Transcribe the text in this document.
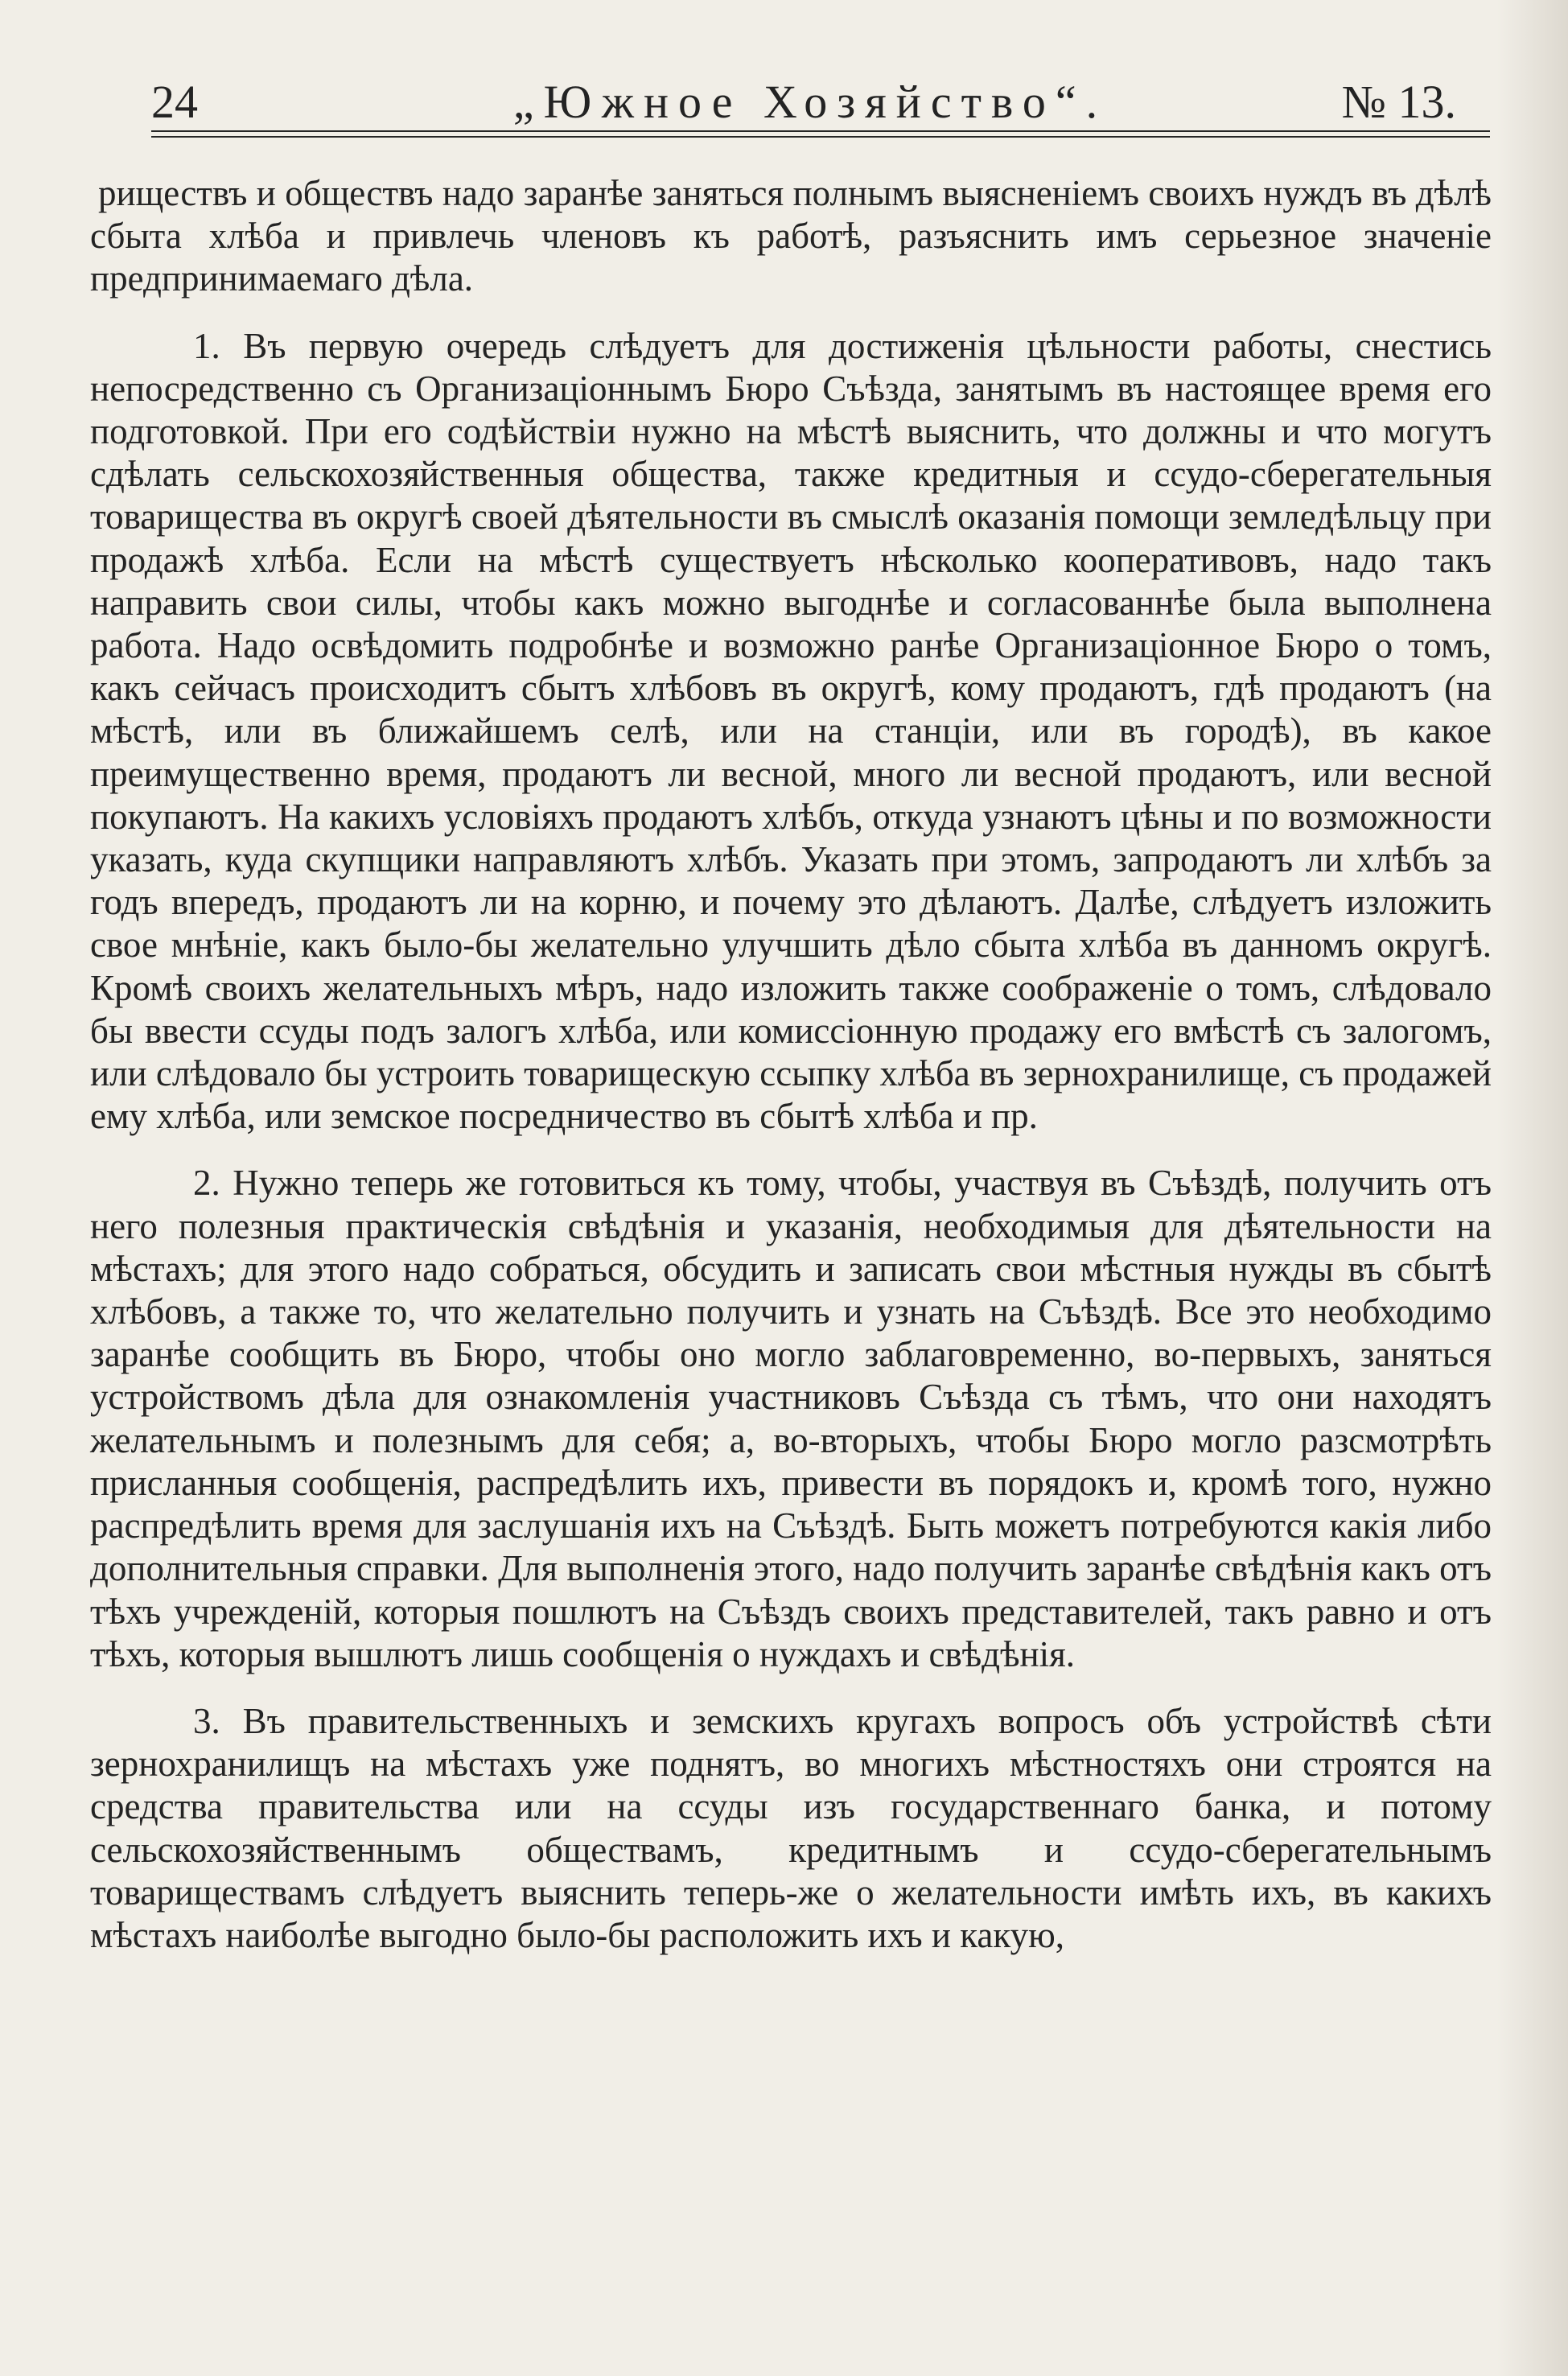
24	„Южное Хозяйство“.	№ 13.

риществъ и обществъ надо заранѣе заняться полнымъ выясненіемъ своихъ нуждъ въ дѣлѣ сбыта хлѣба и привлечь членовъ къ работѣ, разъяснить имъ серьезное значеніе предпринимаемаго дѣла.

1. Въ первую очередь слѣдуетъ для достиженія цѣльности работы, снестись непосредственно съ Организаціоннымъ Бюро Съѣзда, занятымъ въ настоящее время его подготовкой. При его содѣйствіи нужно на мѣстѣ выяснить, что должны и что могутъ сдѣлать сельскохозяйственныя общества, также кредитныя и ссудо-сберегательныя товарищества въ округѣ своей дѣятельности въ смыслѣ оказанія помощи земледѣльцу при продажѣ хлѣба. Если на мѣстѣ существуетъ нѣсколько кооперативовъ, надо такъ направить свои силы, чтобы какъ можно выгоднѣе и согласованнѣе была выполнена работа. Надо освѣдомить подробнѣе и возможно ранѣе Организаціонное Бюро о томъ, какъ сейчасъ происходитъ сбытъ хлѣбовъ въ округѣ, кому продаютъ, гдѣ продаютъ (на мѣстѣ, или въ ближайшемъ селѣ, или на станціи, или въ городѣ), въ какое преимущественно время, продаютъ ли весной, много ли весной продаютъ, или весной покупаютъ. На какихъ условіяхъ продаютъ хлѣбъ, откуда узнаютъ цѣны и по возможности указать, куда скупщики направляютъ хлѣбъ. Указать при этомъ, запродаютъ ли хлѣбъ за годъ впередъ, продаютъ ли на корню, и почему это дѣлаютъ. Далѣе, слѣдуетъ изложить свое мнѣніе, какъ было-бы желательно улучшить дѣло сбыта хлѣба въ данномъ округѣ. Кромѣ своихъ желательныхъ мѣръ, надо изложить также соображеніе о томъ, слѣдовало бы ввести ссуды подъ залогъ хлѣба, или комиссіонную продажу его вмѣстѣ съ залогомъ, или слѣдовало бы устроить товарищескую ссыпку хлѣба въ зернохранилище, съ продажей ему хлѣба, или земское посредничество въ сбытѣ хлѣба и пр.

2. Нужно теперь же готовиться къ тому, чтобы, участвуя въ Съѣздѣ, получить отъ него полезныя практическія свѣдѣнія и указанія, необходимыя для дѣятельности на мѣстахъ; для этого надо собраться, обсудить и записать свои мѣстныя нужды въ сбытѣ хлѣбовъ, а также то, что желательно получить и узнать на Съѣздѣ. Все это необходимо заранѣе сообщить въ Бюро, чтобы оно могло заблаговременно, во-первыхъ, заняться устройствомъ дѣла для ознакомленія участниковъ Съѣзда съ тѣмъ, что они находятъ желательнымъ и полезнымъ для себя; а, во-вторыхъ, чтобы Бюро могло разсмотрѣть присланныя сообщенія, распредѣлить ихъ, привести въ порядокъ и, кромѣ того, нужно распредѣлить время для заслушанія ихъ на Съѣздѣ. Быть можетъ потребуются какія либо дополнительныя справки. Для выполненія этого, надо получить заранѣе свѣдѣнія какъ отъ тѣхъ учрежденій, которыя пошлютъ на Съѣздъ своихъ представителей, такъ равно и отъ тѣхъ, которыя вышлютъ лишь сообщенія о нуждахъ и свѣдѣнія.

3. Въ правительственныхъ и земскихъ кругахъ вопросъ объ устройствѣ сѣти зернохранилищъ на мѣстахъ уже поднятъ, во многихъ мѣстностяхъ они строятся на средства правительства или на ссуды изъ государственнаго банка, и потому сельскохозяйственнымъ обществамъ, кредитнымъ и ссудо-сберегательнымъ товариществамъ слѣдуетъ выяснить теперь-же о желательности имѣть ихъ, въ какихъ мѣстахъ наиболѣе выгодно было-бы расположить ихъ и какую,
